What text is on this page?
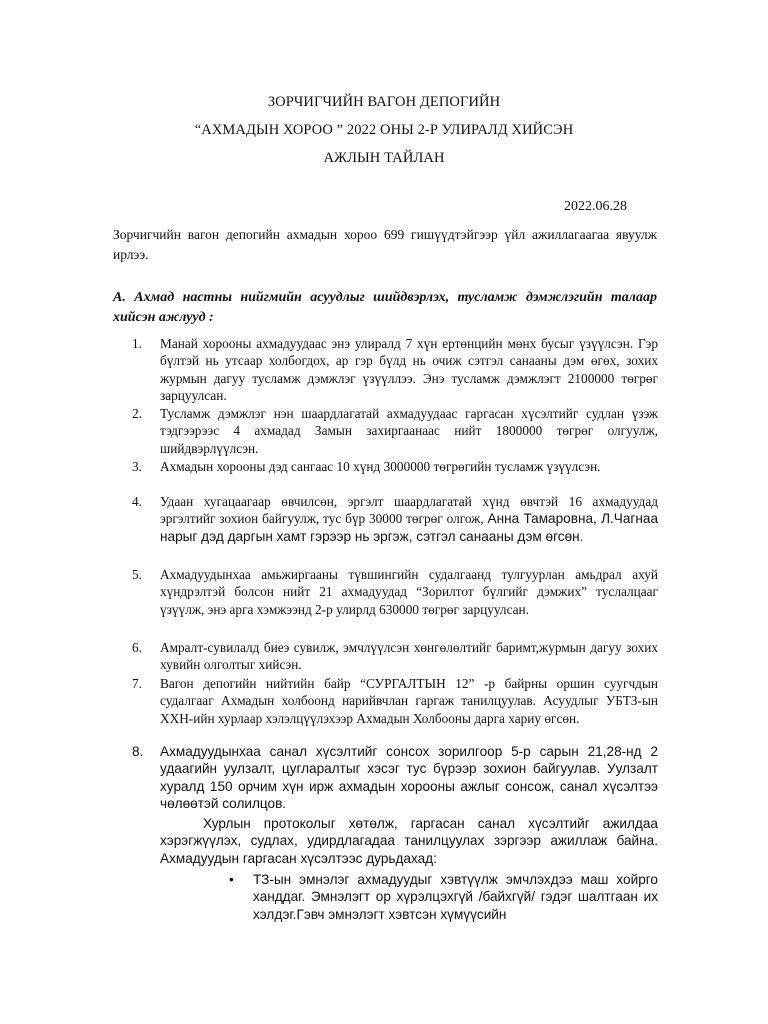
ЗОРЧИГЧИЙН ВАГОН ДЕПОГИЙН
“АХМАДЫН ХОРОО ” 2022 ОНЫ 2-Р УЛИРАЛД ХИЙСЭН
АЖЛЫН ТАЙЛАН
2022.06.28
Зорчигчийн вагон депогийн ахмадын хороо 699 гишүүдтэйгээр үйл ажиллагаагаа явуулж ирлээ.
А. Ахмад настны нийгмийн асуудлыг шийдвэрлэх, тусламж дэмжлэгийн талаар хийсэн ажлууд :
1.	Манай хорооны ахмадуудаас энэ улиралд 7 хүн ертөнцийн мөнх бусыг үзүүлсэн. Гэр бүлтэй нь утсаар холбогдох, ар гэр бүлд нь очиж сэтгэл санааны дэм өгөх, зохих журмын дагуу тусламж дэмжлэг үзүүллээ. Энэ тусламж дэмжлэгт 2100000 төгрөг зарцуулсан.
2.	Тусламж дэмжлэг нэн шаардлагатай ахмадуудаас гаргасан хүсэлтийг судлан үзэж тэдгээрээс 4 ахмадад Замын захиргаанаас нийт 1800000 төгрөг олгуулж, шийдвэрлүүлсэн.
3.	Ахмадын хорооны дэд сангаас 10 хүнд 3000000 төгрөгийн тусламж үзүүлсэн.
4.	Удаан хугацаагаар өвчилсөн, эргэлт шаардлагатай хүнд өвчтэй 16 ахмадуудад эргэлтийг зохион байгуулж, тус бүр 30000 төгрөг олгож, Анна Тамаровна, Л.Чагнаа нарыг дэд даргын хамт гэрээр нь эргэж, сэтгэл санааны дэм өгсөн.
5.	Ахмадуудынхаа амьжиргааны түвшингийн судалгаанд тулгуурлан амьдрал ахуй хүндрэлтэй болсон нийт 21 ахмадуудад “Зорилтот бүлгийг дэмжих” туслалцааг үзүүлж, энэ арга хэмжээнд 2-р улирлд 630000 төгрөг зарцуулсан.
6.	Амралт-сувилалд биеэ сувилж, эмчлүүлсэн хөнгөлөлтийг баримт,журмын дагуу зохих хувийн олголтыг хийсэн.
7.	Вагон депогийн нийтийн байр “СУРГАЛТЫН 12” -р байрны оршин суугчдын судалгааг Ахмадын холбоонд нарийвчлан гаргаж танилцуулав. Асуудлыг УБТЗ-ын ХХН-ийн хурлаар хэлэлцүүлэхээр Ахмадын Холбооны дарга хариу өгсөн.
8.	Ахмадуудынхаа санал хүсэлтийг сонсох зорилгоор 5-р сарын 21,28-нд 2 удаагийн уулзалт, цугларалтыг хэсэг тус бүрээр зохион байгуулав. Уулзалт хуралд 150 орчим хүн ирж ахмадын хорооны ажлыг сонсож, санал хүсэлтээ чөлөөтэй солилцов.
Хурлын протоколыг хөтөлж, гаргасан санал хүсэлтийг ажилдаа хэрэгжүүлэх, судлах, удирдлагадаа танилцуулах зэргээр ажиллаж байна. Ахмадуудын гаргасан хүсэлтээс дурьдахад:
•	ТЗ-ын эмнэлэг ахмадуудыг хэвтүүлж эмчлэхдээ маш хойрго ханддаг. Эмнэлэгт ор хүрэлцэхгүй /байхгүй/ гэдэг шалтгаан их хэлдэг.Гэвч эмнэлэгт хэвтсэн хүмүүсийн
